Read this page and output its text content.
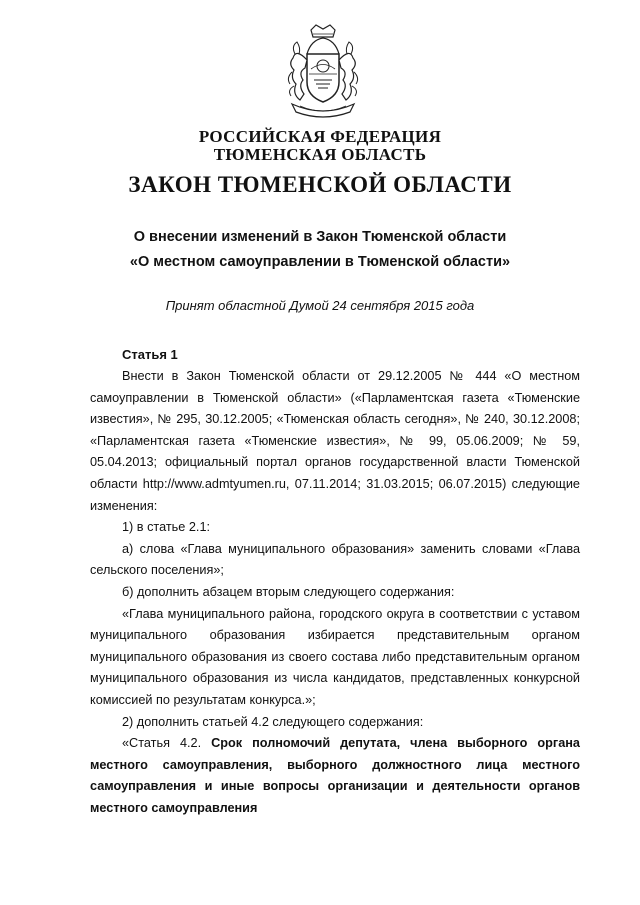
РОССИЙСКАЯ ФЕДЕРАЦИЯ
ТЮМЕНСКАЯ ОБЛАСТЬ
ЗАКОН ТЮМЕНСКОЙ ОБЛАСТИ
О внесении изменений в Закон Тюменской области
«О местном самоуправлении в Тюменской области»
Принят областной Думой 24 сентября 2015 года
Статья 1

Внести в Закон Тюменской области от 29.12.2005 № 444 «О местном самоуправлении в Тюменской области» («Парламентская газета «Тюменские известия», № 295, 30.12.2005; «Тюменская область сегодня», № 240, 30.12.2008; «Парламентская газета «Тюменские известия», № 99, 05.06.2009; № 59, 05.04.2013; официальный портал органов государственной власти Тюменской области http://www.admtyumen.ru, 07.11.2014; 31.03.2015; 06.07.2015) следующие изменения:

1) в статье 2.1:

а) слова «Глава муниципального образования» заменить словами «Глава сельского поселения»;

б) дополнить абзацем вторым следующего содержания:

«Глава муниципального района, городского округа в соответствии с уставом муниципального образования избирается представительным органом муниципального образования из своего состава либо представительным органом муниципального образования из числа кандидатов, представленных конкурсной комиссией по результатам конкурса.»;

2) дополнить статьей 4.2 следующего содержания:

«Статья 4.2. Срок полномочий депутата, члена выборного органа местного самоуправления, выборного должностного лица местного самоуправления и иные вопросы организации и деятельности органов местного самоуправления
